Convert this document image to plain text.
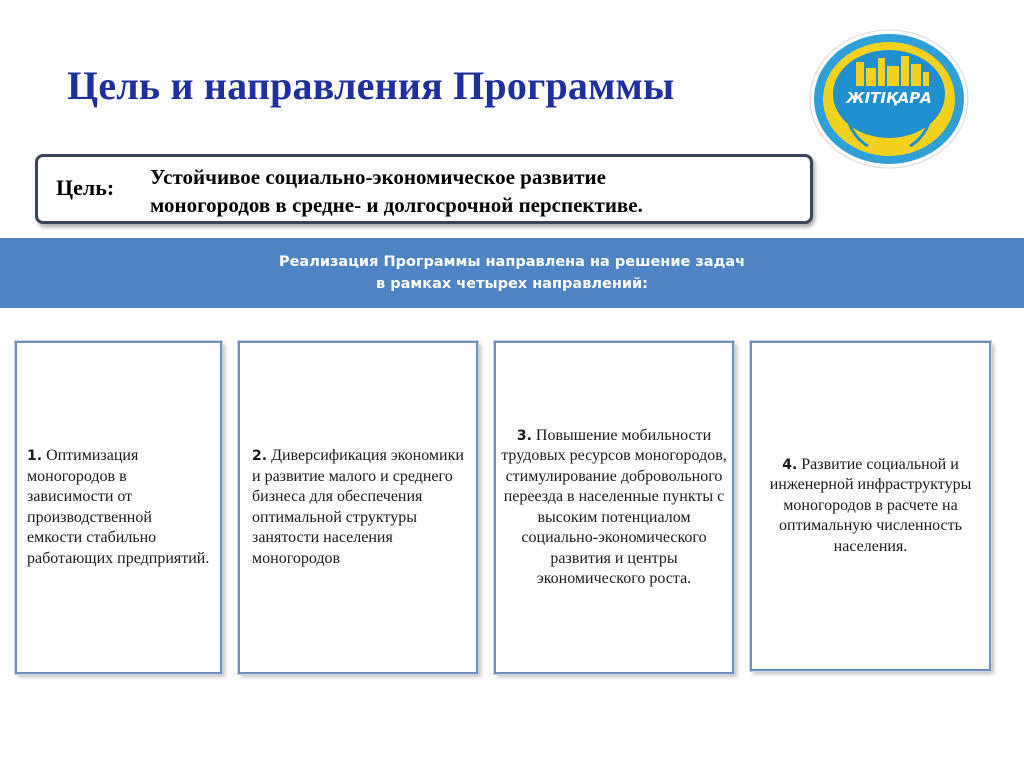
Цель и направления Программы	ЖІТІҚАРА
Цель: Устойчивое социально-экономическое развитие
моногородов в средне- и долгосрочной перспективе.
Реализация Программы направлена на решение задач
в рамках четырех направлений:
1. Оптимизация моногородов в зависимости от производственной емкости стабильно работающих предприятий.
2. Диверсификация экономики и развитие малого и среднего бизнеса для обеспечения оптимальной структуры занятости населения моногородов
3. Повышение мобильности трудовых ресурсов моногородов, стимулирование добровольного переезда в населенные пункты с высоким потенциалом социально-экономического развития и центры экономического роста.
4. Развитие социальной и инженерной инфраструктуры моногородов в расчете на оптимальную численность населения.
